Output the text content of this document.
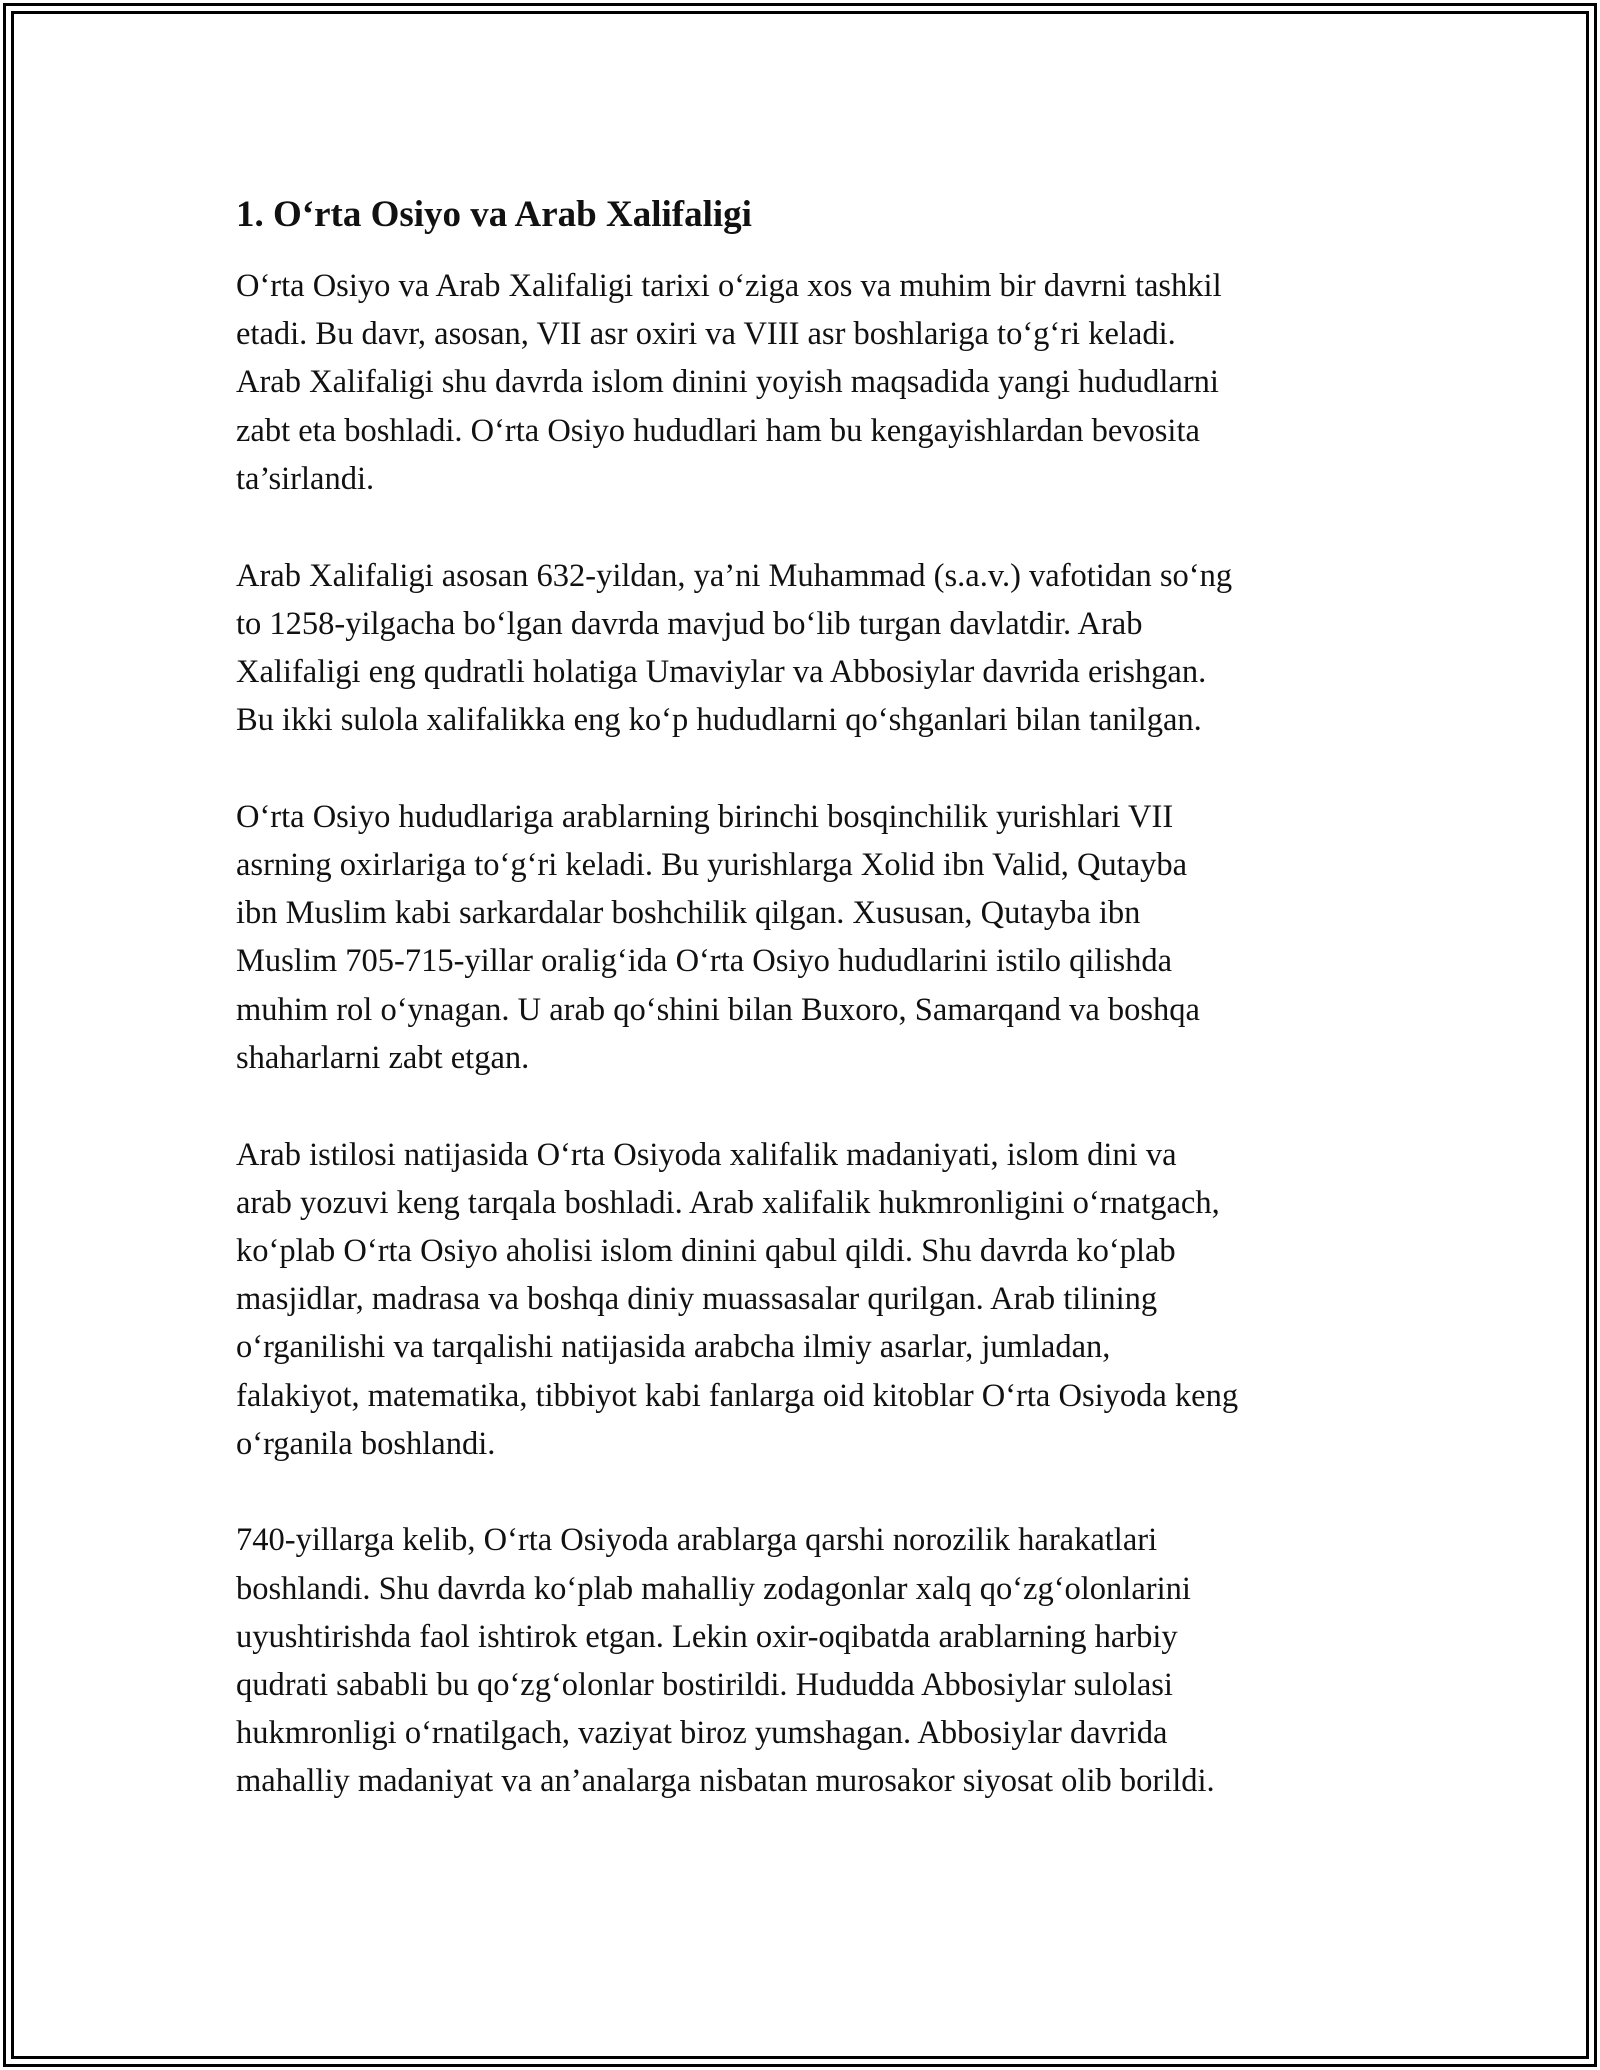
1. O‘rta Osiyo va Arab Xalifaligi

O‘rta Osiyo va Arab Xalifaligi tarixi o‘ziga xos va muhim bir davrni tashkil
etadi. Bu davr, asosan, VII asr oxiri va VIII asr boshlariga to‘g‘ri keladi.
Arab Xalifaligi shu davrda islom dinini yoyish maqsadida yangi hududlarni
zabt eta boshladi. O‘rta Osiyo hududlari ham bu kengayishlardan bevosita
ta’sirlandi.

Arab Xalifaligi asosan 632-yildan, ya’ni Muhammad (s.a.v.) vafotidan so‘ng
to 1258-yilgacha bo‘lgan davrda mavjud bo‘lib turgan davlatdir. Arab
Xalifaligi eng qudratli holatiga Umaviylar va Abbosiylar davrida erishgan.
Bu ikki sulola xalifalikka eng ko‘p hududlarni qo‘shganlari bilan tanilgan.

O‘rta Osiyo hududlariga arablarning birinchi bosqinchilik yurishlari VII
asrning oxirlariga to‘g‘ri keladi. Bu yurishlarga Xolid ibn Valid, Qutayba
ibn Muslim kabi sarkardalar boshchilik qilgan. Xususan, Qutayba ibn
Muslim 705-715-yillar oralig‘ida O‘rta Osiyo hududlarini istilo qilishda
muhim rol o‘ynagan. U arab qo‘shini bilan Buxoro, Samarqand va boshqa
shaharlarni zabt etgan.

Arab istilosi natijasida O‘rta Osiyoda xalifalik madaniyati, islom dini va
arab yozuvi keng tarqala boshladi. Arab xalifalik hukmronligini o‘rnatgach,
ko‘plab O‘rta Osiyo aholisi islom dinini qabul qildi. Shu davrda ko‘plab
masjidlar, madrasa va boshqa diniy muassasalar qurilgan. Arab tilining
o‘rganilishi va tarqalishi natijasida arabcha ilmiy asarlar, jumladan,
falakiyot, matematika, tibbiyot kabi fanlarga oid kitoblar O‘rta Osiyoda keng
o‘rganila boshlandi.

740-yillarga kelib, O‘rta Osiyoda arablarga qarshi norozilik harakatlari
boshlandi. Shu davrda ko‘plab mahalliy zodagonlar xalq qo‘zg‘olonlarini
uyushtirishda faol ishtirok etgan. Lekin oxir-oqibatda arablarning harbiy
qudrati sababli bu qo‘zg‘olonlar bostirildi. Hududda Abbosiylar sulolasi
hukmronligi o‘rnatilgach, vaziyat biroz yumshagan. Abbosiylar davrida
mahalliy madaniyat va an’analarga nisbatan murosakor siyosat olib borildi.
